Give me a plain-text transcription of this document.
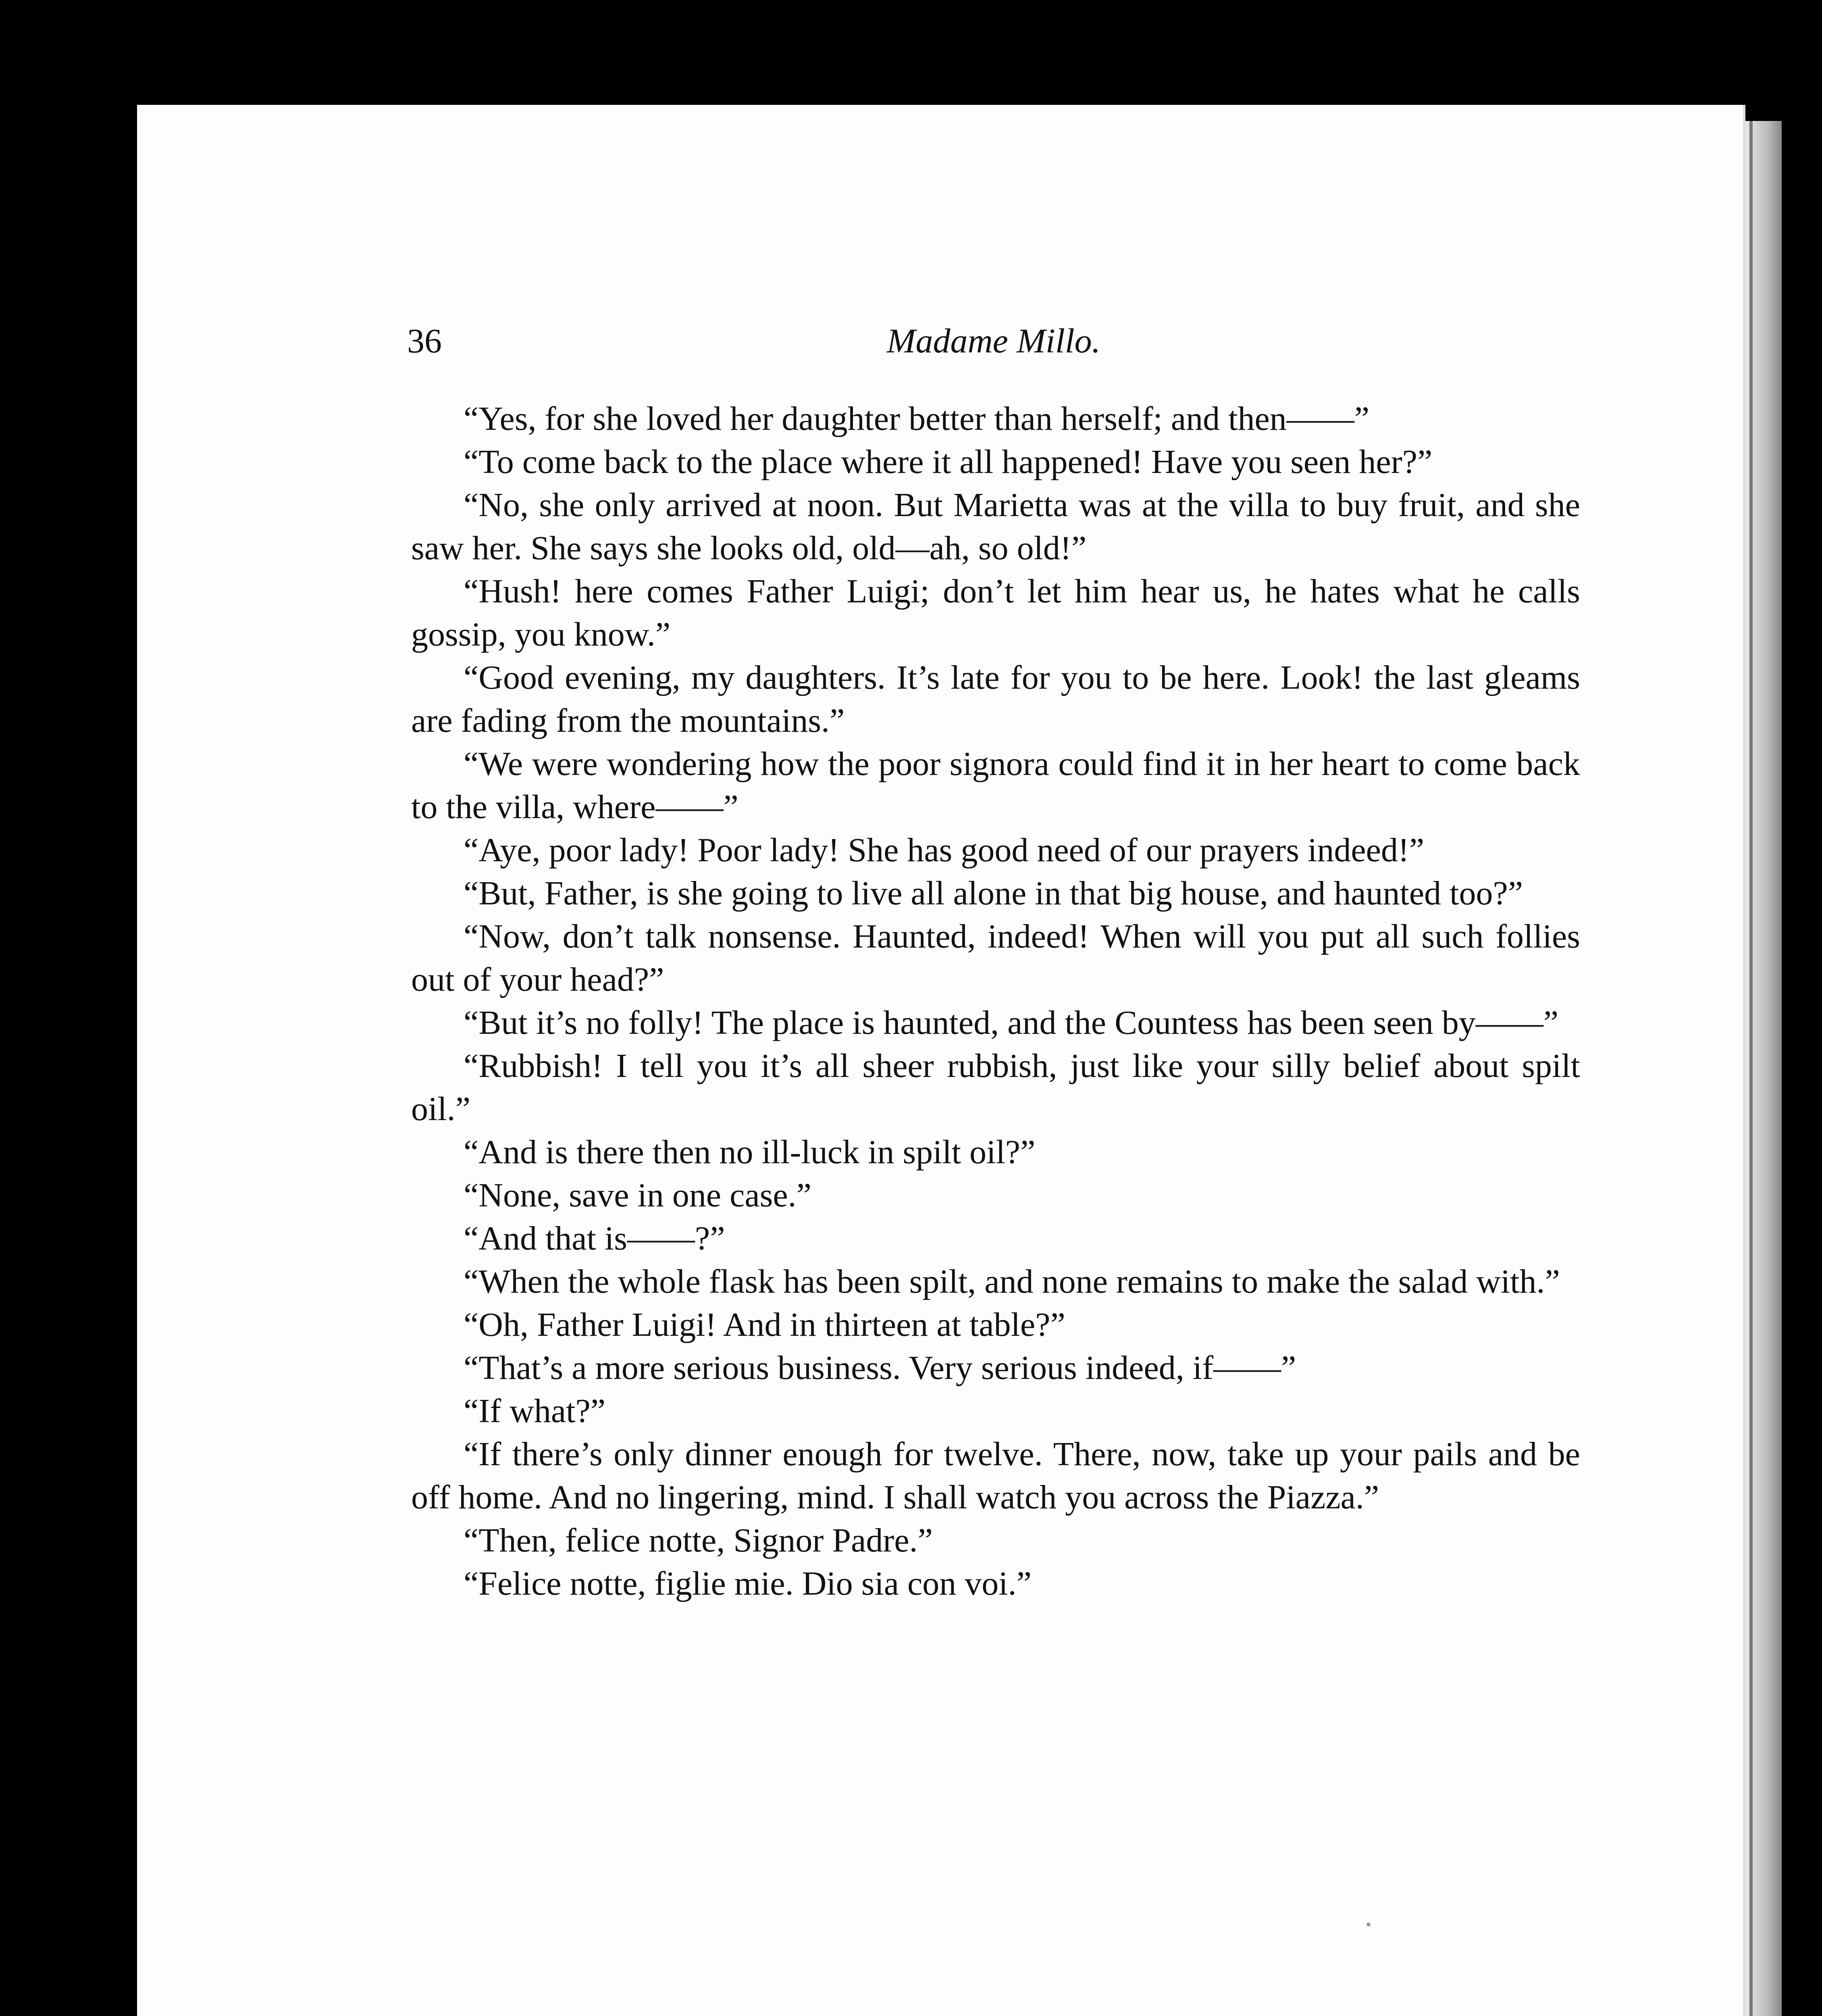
36	Madame Millo.

“Yes, for she loved her daughter better than herself; and then——”

“To come back to the place where it all happened! Have you seen her?”

“No, she only arrived at noon. But Marietta was at the villa to buy fruit, and she saw her. She says she looks old, old—ah, so old!”

“Hush! here comes Father Luigi; don’t let him hear us, he hates what he calls gossip, you know.”

“Good evening, my daughters. It’s late for you to be here. Look! the last gleams are fading from the mountains.”

“We were wondering how the poor signora could find it in her heart to come back to the villa, where——”

“Aye, poor lady! Poor lady! She has good need of our prayers indeed!”

“But, Father, is she going to live all alone in that big house, and haunted too?”

“Now, don’t talk nonsense. Haunted, indeed! When will you put all such follies out of your head?”

“But it’s no folly! The place is haunted, and the Countess has been seen by——”

“Rubbish! I tell you it’s all sheer rubbish, just like your silly belief about spilt oil.”

“And is there then no ill-luck in spilt oil?”

“None, save in one case.”

“And that is——?”

“When the whole flask has been spilt, and none remains to make the salad with.”

“Oh, Father Luigi! And in thirteen at table?”

“That’s a more serious business. Very serious indeed, if——”

“If what?”

“If there’s only dinner enough for twelve. There, now, take up your pails and be off home. And no lingering, mind. I shall watch you across the Piazza.”

“Then, felice notte, Signor Padre.”

“Felice notte, figlie mie. Dio sia con voi.”
